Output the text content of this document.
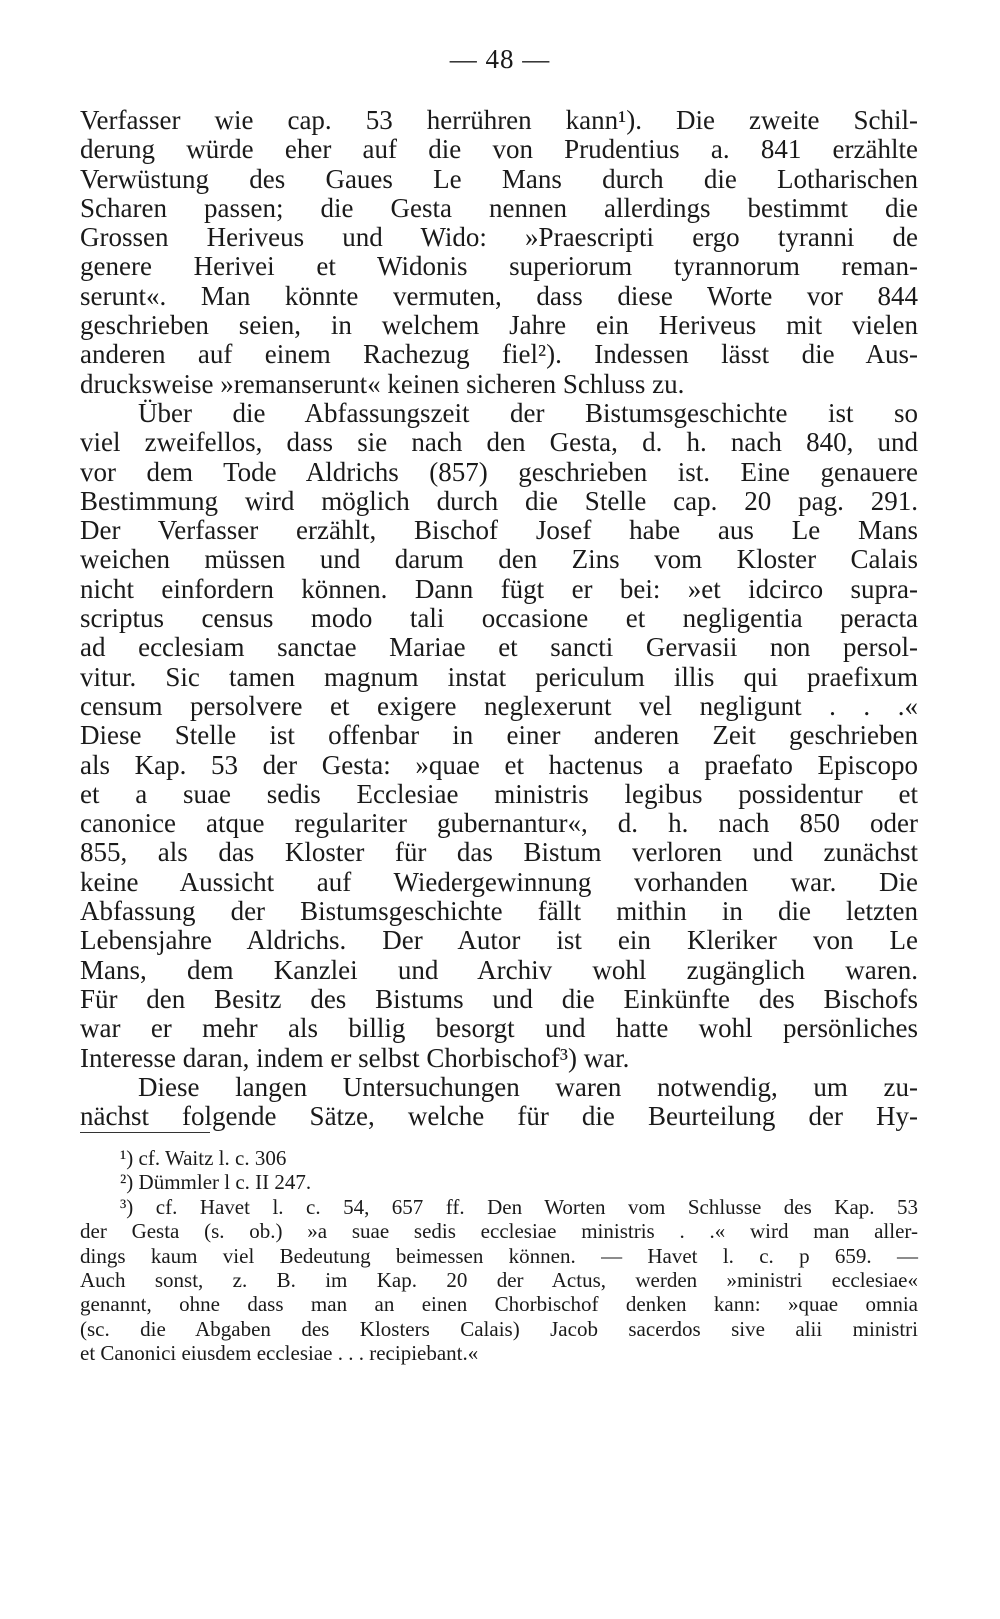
— 48 —
Verfasser wie cap. 53 herrühren kann¹). Die zweite Schil-
derung würde eher auf die von Prudentius a. 841 erzählte
Verwüstung des Gaues Le Mans durch die Lotharischen
Scharen passen; die Gesta nennen allerdings bestimmt die
Grossen Heriveus und Wido: »Praescripti ergo tyranni de
genere Herivei et Widonis superiorum tyrannorum reman-
serunt«. Man könnte vermuten, dass diese Worte vor 844
geschrieben seien, in welchem Jahre ein Heriveus mit vielen
anderen auf einem Rachezug fiel²). Indessen lässt die Aus-
drucksweise »remanserunt« keinen sicheren Schluss zu.
Über die Abfassungszeit der Bistumsgeschichte ist so
viel zweifellos, dass sie nach den Gesta, d. h. nach 840, und
vor dem Tode Aldrichs (857) geschrieben ist. Eine genauere
Bestimmung wird möglich durch die Stelle cap. 20 pag. 291.
Der Verfasser erzählt, Bischof Josef habe aus Le Mans
weichen müssen und darum den Zins vom Kloster Calais
nicht einfordern können. Dann fügt er bei: »et idcirco supra-
scriptus census modo tali occasione et negligentia peracta
ad ecclesiam sanctae Mariae et sancti Gervasii non persol-
vitur. Sic tamen magnum instat periculum illis qui praefixum
censum persolvere et exigere neglexerunt vel negligunt . . .«
Diese Stelle ist offenbar in einer anderen Zeit geschrieben
als Kap. 53 der Gesta: »quae et hactenus a praefato Episcopo
et a suae sedis Ecclesiae ministris legibus possidentur et
canonice atque regulariter gubernantur«, d. h. nach 850 oder
855, als das Kloster für das Bistum verloren und zunächst
keine Aussicht auf Wiedergewinnung vorhanden war. Die
Abfassung der Bistumsgeschichte fällt mithin in die letzten
Lebensjahre Aldrichs. Der Autor ist ein Kleriker von Le
Mans, dem Kanzlei und Archiv wohl zugänglich waren.
Für den Besitz des Bistums und die Einkünfte des Bischofs
war er mehr als billig besorgt und hatte wohl persönliches
Interesse daran, indem er selbst Chorbischof³) war.
Diese langen Untersuchungen waren notwendig, um zu-
nächst folgende Sätze, welche für die Beurteilung der Hy-
¹) cf. Waitz l. c. 306
²) Dümmler l c. II 247.
³) cf. Havet l. c. 54, 657 ff. Den Worten vom Schlusse des Kap. 53
der Gesta (s. ob.) »a suae sedis ecclesiae ministris . .« wird man aller-
dings kaum viel Bedeutung beimessen können. — Havet l. c. p 659. —
Auch sonst, z. B. im Kap. 20 der Actus, werden »ministri ecclesiae«
genannt, ohne dass man an einen Chorbischof denken kann: »quae omnia
(sc. die Abgaben des Klosters Calais) Jacob sacerdos sive alii ministri
et Canonici eiusdem ecclesiae . . . recipiebant.«
